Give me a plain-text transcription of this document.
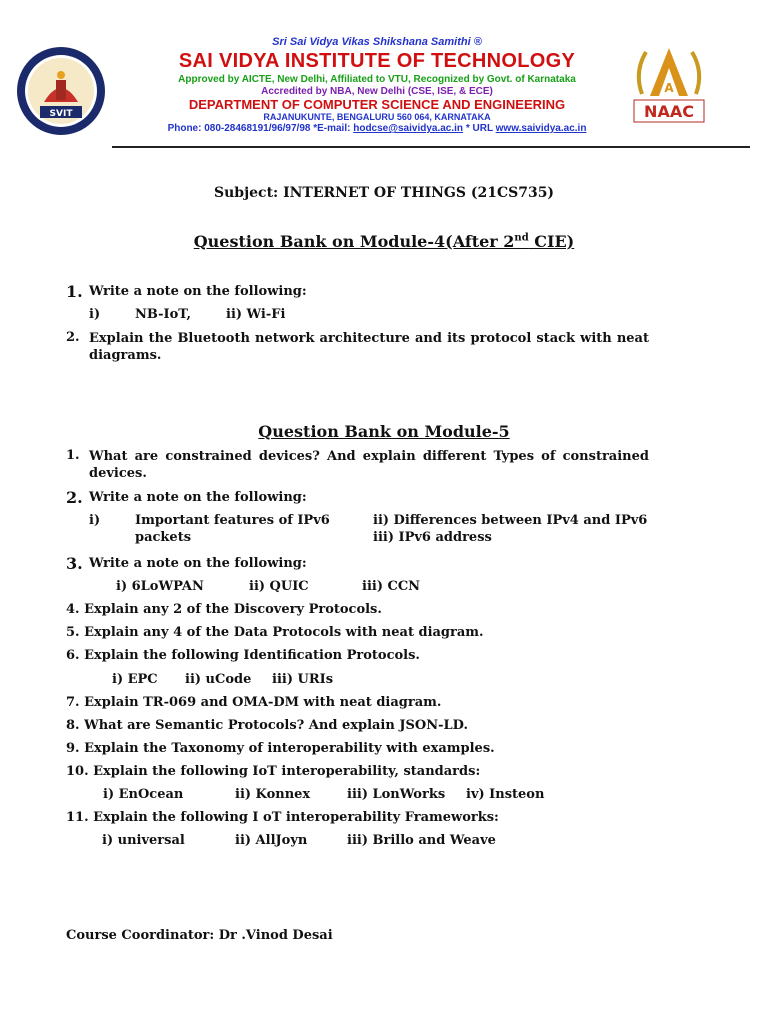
SVIT
Sri Sai Vidya Vikas Shikshana Samithi ®
SAI VIDYA INSTITUTE OF TECHNOLOGY
Approved by AICTE, New Delhi, Affiliated to VTU, Recognized by Govt. of Karnataka
Accredited by NBA, New Delhi (CSE, ISE, & ECE)
DEPARTMENT OF COMPUTER SCIENCE AND ENGINEERING
RAJANUKUNTE, BENGALURU 560 064, KARNATAKA
Phone: 080-28468191/96/97/98 *E-mail: hodcse@saividya.ac.in * URL www.saividya.ac.in
A
NAAC
Subject: INTERNET OF THINGS (21CS735)
Question Bank on Module-4(After 2nd CIE)
1. Write a note on the following:
i)	NB-IoT,	ii) Wi-Fi
2. Explain the Bluetooth network architecture and its protocol stack with neat diagrams.
Question Bank on Module-5
1. What are constrained devices? And explain different Types of constrained devices.
2. Write a note on the following:
i)	Important features of IPv6
packets
ii) Differences between IPv4 and IPv6
iii) IPv6 address
3. Write a note on the following:
i) 6LoWPAN	ii) QUIC	iii) CCN
4. Explain any 2 of the Discovery Protocols.
5. Explain any 4 of the Data Protocols with neat diagram.
6. Explain the following Identification Protocols.
i) EPC ii) uCode iii) URIs
7. Explain TR-069 and OMA-DM with neat diagram.
8. What are Semantic Protocols? And explain JSON-LD.
9. Explain the Taxonomy of interoperability with examples.
10. Explain the following IoT interoperability, standards:
i) EnOcean	ii) Konnex	iii) LonWorks iv) Insteon
11. Explain the following I oT interoperability Frameworks:
i) universal	ii) AllJoyn	iii) Brillo and Weave
Course Coordinator: Dr .Vinod Desai
